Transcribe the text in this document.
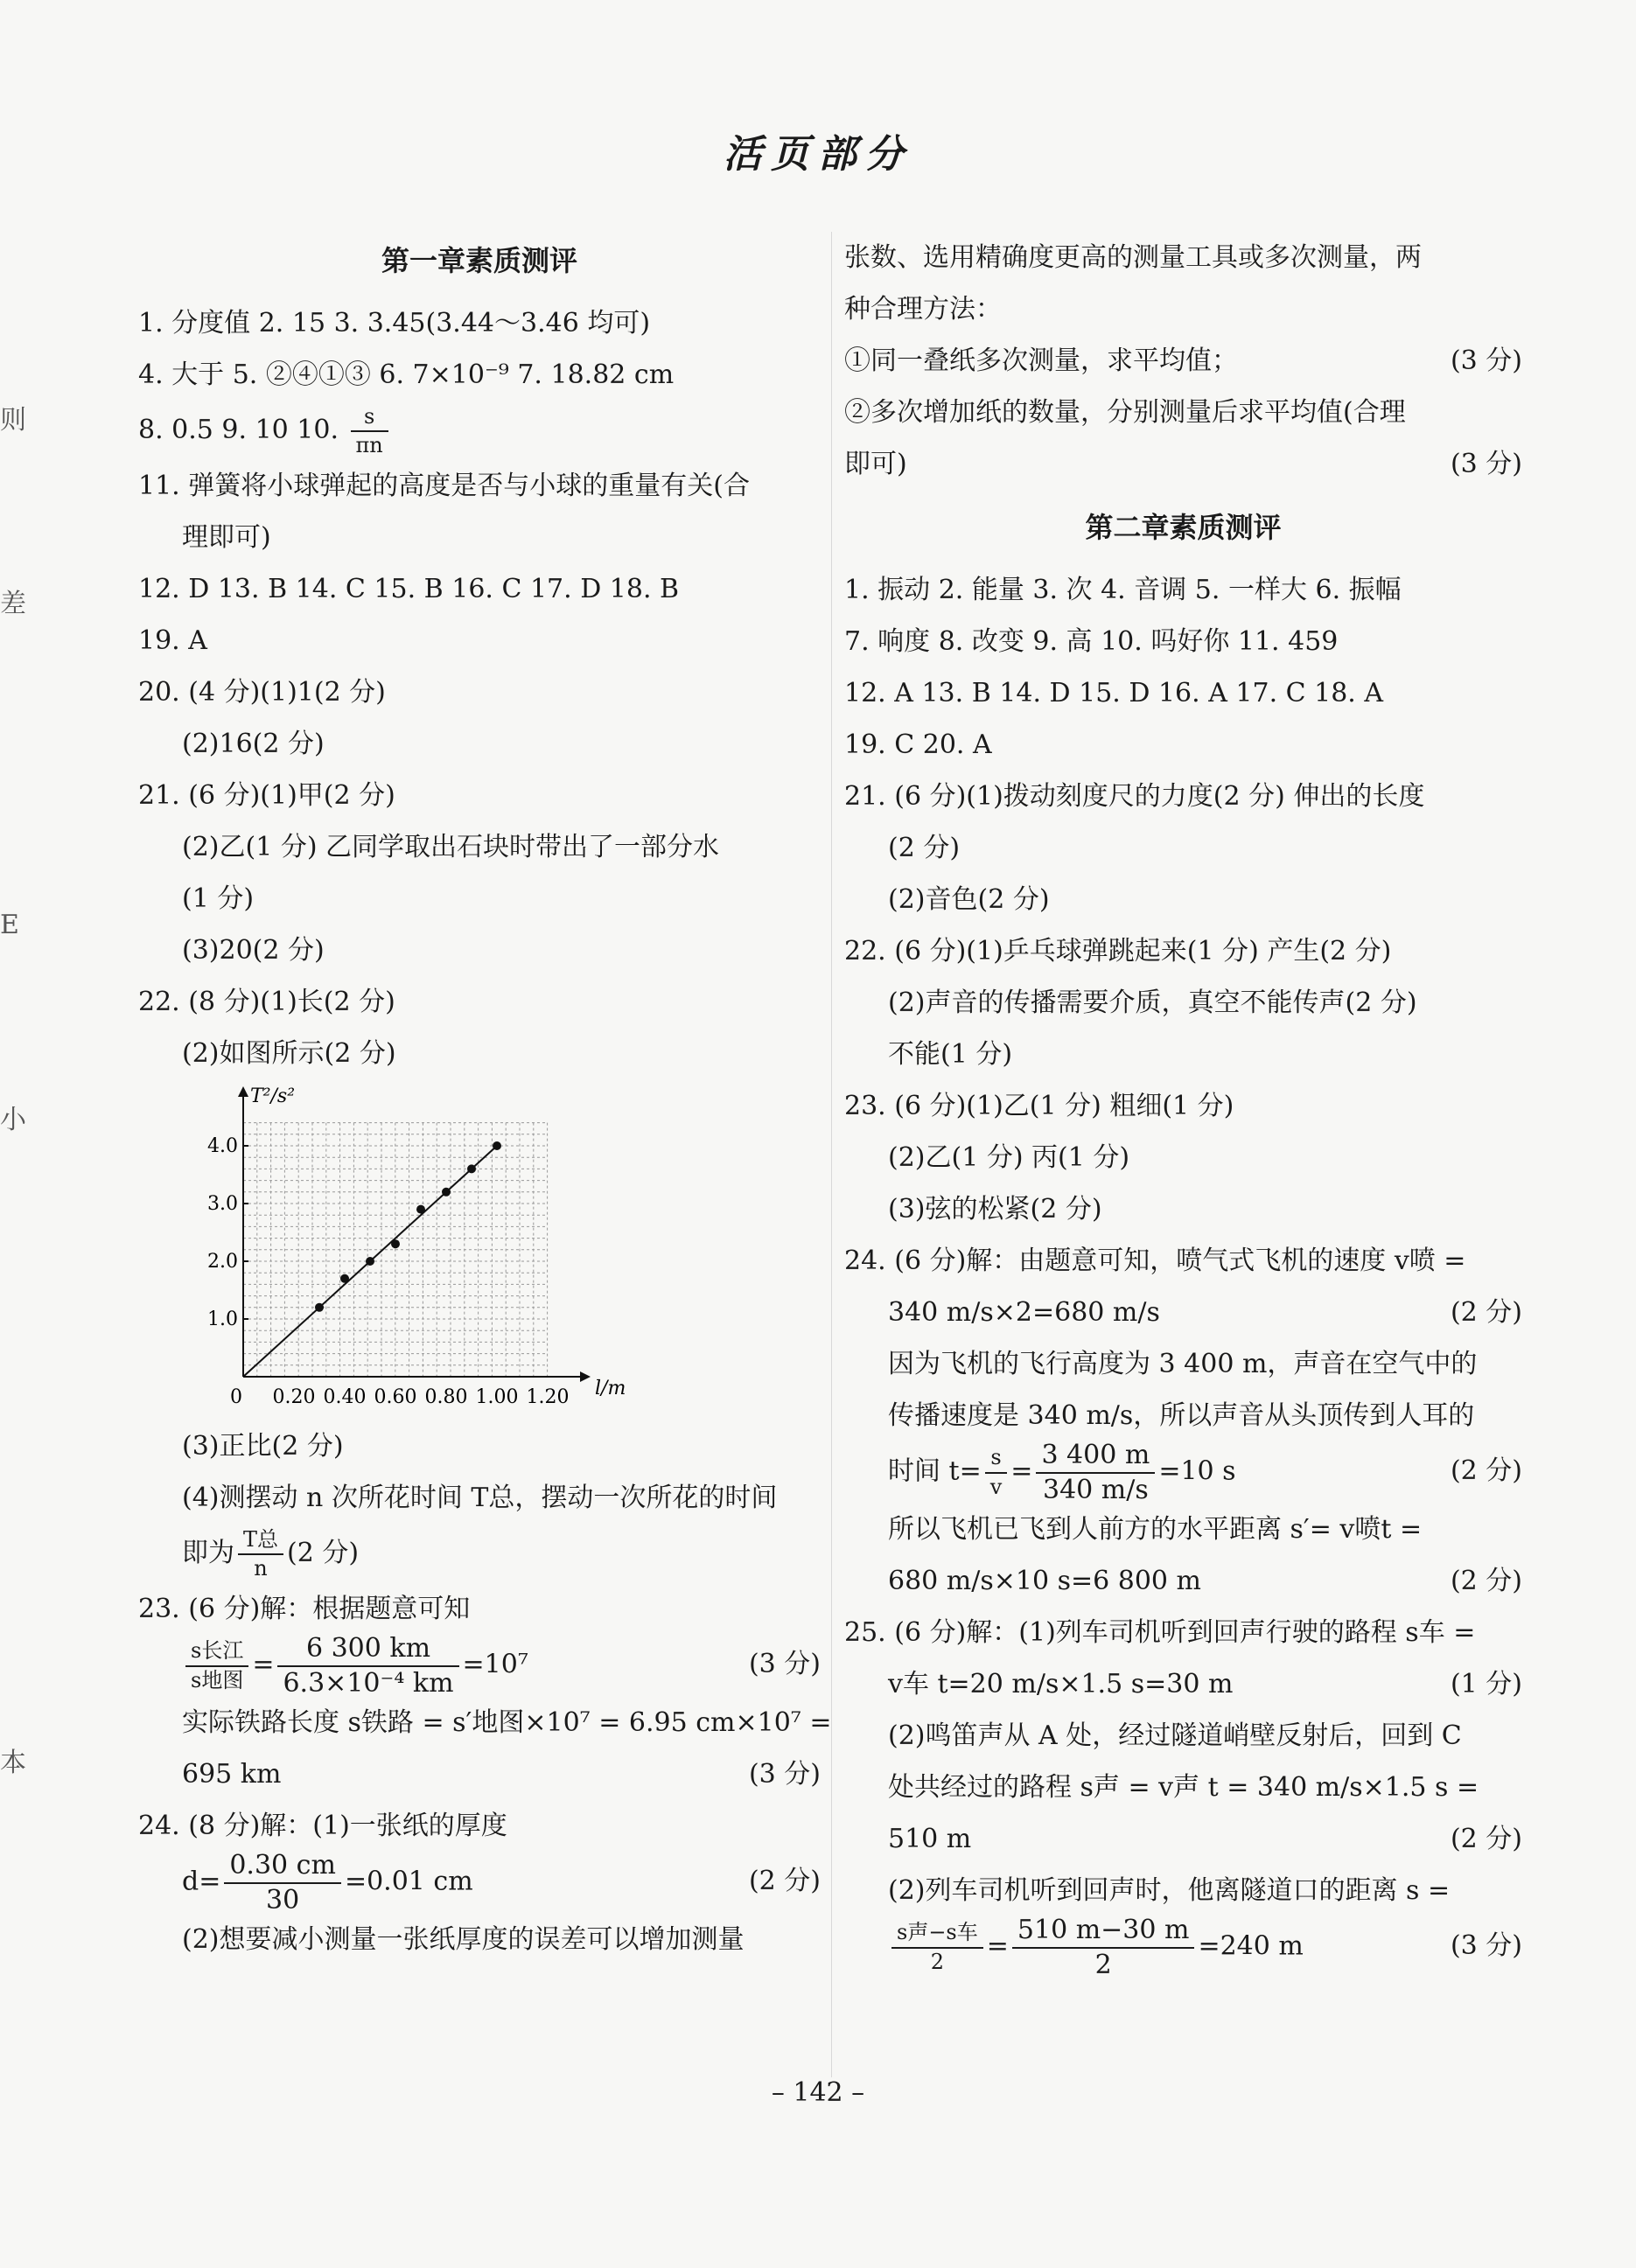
则
差
E
小
本
活页部分
第一章素质测评
1. 分度值 2. 15 3. 3.45(3.44～3.46 均可)
4. 大于 5. ②④①③ 6. 7×10⁻⁹ 7. 18.82 cm
8. 0.5 9. 10 10. $\frac{s}{\pi n}$
11. 弹簧将小球弹起的高度是否与小球的重量有关(合
理即可)
12. D 13. B 14. C 15. B 16. C 17. D 18. B
19. A
20. (4 分)(1)1(2 分)
(2)16(2 分)
21. (6 分)(1)甲(2 分)
(2)乙(1 分) 乙同学取出石块时带出了一部分水
(1 分)
(3)20(2 分)
22. (8 分)(1)长(2 分)
(2)如图所示(2 分)
l/m
T²/s²
0 0.20 0.40 0.60 0.80 1.00 1.20
1.0
2.0
3.0
4.0
(3)正比(2 分)
(4)测摆动 n 次所花时间 T总，摆动一次所花的时间
即为 $\frac{\text{T总}}{n} (2$ 分)
23. (6 分)解：根据题意可知
$\frac{\text{s长江}}{\text{s地图}} = \frac{6 300 km}{\text{6.3×10⁻⁴ km}} =10^7$	(3 分)
实际铁路长度 s铁路 = s′地图×10⁷ = 6.95 cm×10⁷ =
695 km	(3 分)
24. (8 分)解：(1)一张纸的厚度
$d= \frac{0.30 cm}{30} =0.01$ cm	(2 分)
(2)想要减小测量一张纸厚度的误差可以增加测量
张数、选用精确度更高的测量工具或多次测量，两
种合理方法：
①同一叠纸多次测量，求平均值；	(3 分)
②多次增加纸的数量，分别测量后求平均值(合理
即可)	(3 分)
第二章素质测评
1. 振动 2. 能量 3. 次 4. 音调 5. 一样大 6. 振幅
7. 响度 8. 改变 9. 高 10. 吗好你 11. 459
12. A 13. B 14. D 15. D 16. A 17. C 18. A
19. C 20. A
21. (6 分)(1)拨动刻度尺的力度(2 分) 伸出的长度
(2 分)
(2)音色(2 分)
22. (6 分)(1)乒乓球弹跳起来(1 分) 产生(2 分)
(2)声音的传播需要介质，真空不能传声(2 分)
不能(1 分)
23. (6 分)(1)乙(1 分) 粗细(1 分)
(2)乙(1 分) 丙(1 分)
(3)弦的松紧(2 分)
24. (6 分)解：由题意可知，喷气式飞机的速度 v喷 =
340 m/s×2=680 m/s	(2 分)
因为飞机的飞行高度为 3 400 m，声音在空气中的
传播速度是 340 m/s，所以声音从头顶传到人耳的
时间 $t= \frac{s}{v} = \frac{3 400 m}{340 m/s} =10$ s	(2 分)
所以飞机已飞到人前方的水平距离 s′= v喷t =
680 m/s×10 s=6 800 m	(2 分)
25. (6 分)解：(1)列车司机听到回声行驶的路程 s车 =
v车 t=20 m/s×1.5 s=30 m	(1 分)
(2)鸣笛声从 A 处，经过隧道峭壁反射后，回到 C
处共经过的路程 s声 = v声 t = 340 m/s×1.5 s =
510 m	(2 分)
(2)列车司机听到回声时，他离隧道口的距离 s =
$\frac{\text{s声−s车}}{2} = \frac{510 m-30 m}{2} =240$ m	(3 分)
– 142 –
